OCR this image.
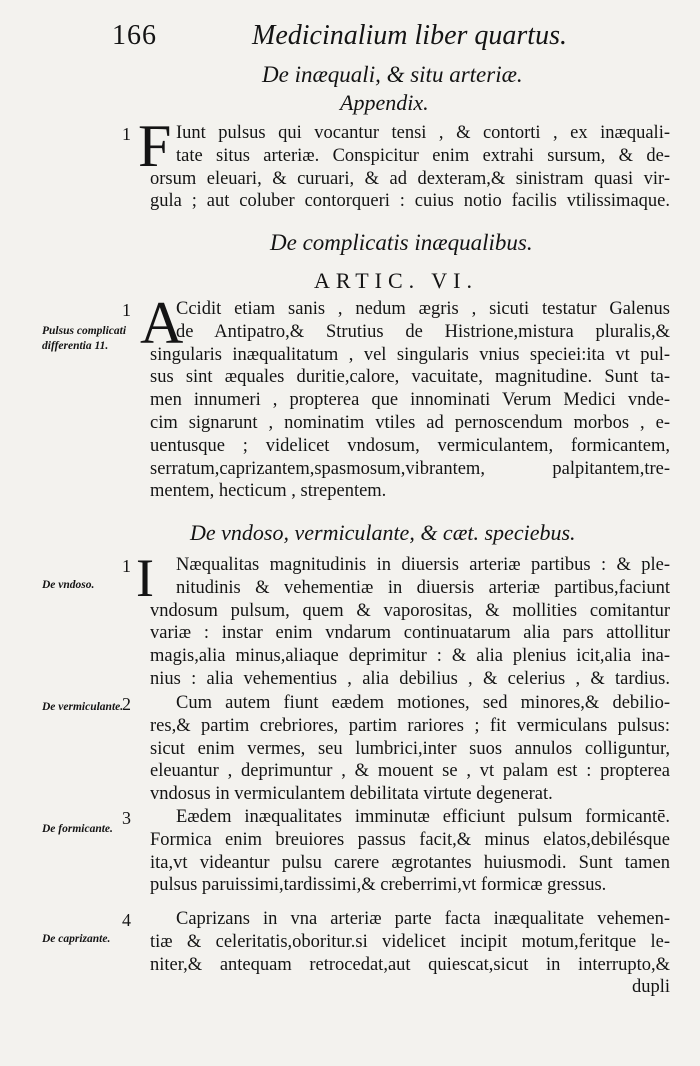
166	Medicinalium liber quartus.
De inæquali, & situ arteriæ.
Appendix.
1 F Iunt pulsus qui vocantur tensi , & contorti , ex inæquali-
tate situs arteriæ. Conspicitur enim extrahi sursum, & de-
orsum eleuari, & curuari, & ad dexteram,& sinistram quasi vir-
gula ; aut coluber contorqueri : cuius notio facilis vtilissimaque.
De complicatis inæqualibus.
ARTIC. VI.
Pulsus complicati differentia 11.
1 A
Ccidit etiam sanis , nedum ægris , sicuti testatur Galenus
de Antipatro,& Strutius de Histrione,mistura pluralis,&
singularis inæqualitatum , vel singularis vnius speciei:ita vt pul-
sus sint æquales duritie,calore, vacuitate, magnitudine. Sunt ta-
men innumeri , propterea que innominati Verum Medici vnde-
cim signarunt , nominatim vtiles ad pernoscendum morbos , e-
uentusque ; videlicet vndosum, vermiculantem, formicantem,
serratum,caprizantem,spasmosum,vibrantem, palpitantem,tre-
mentem, hecticum , strepentem.
De vndoso, vermiculante, & cæt. speciebus.
De vndoso.
1 I	Næqualitas magnitudinis in diuersis arteriæ partibus : & ple-
nitudinis & vehementiæ in diuersis arteriæ partibus,faciunt
vndosum pulsum, quem & vaporositas, & mollities comitantur
variæ : instar enim vndarum continuatarum alia pars attollitur
magis,alia minus,aliaque deprimitur : & alia plenius icit,alia ina-
nius : alia vehementius , alia debilius , & celerius , & tardius.
De vermiculante.
2	Cum autem fiunt eædem motiones, sed minores,& debilio-
res,& partim crebriores, partim rariores ; fit vermiculans pulsus:
sicut enim vermes, seu lumbrici,inter suos annulos colliguntur,
eleuantur , deprimuntur , & mouent se , vt palam est : propterea
vndosus in vermiculantem debilitata virtute degenerat.
De formicante.
3	Eædem inæqualitates imminutæ efficiunt pulsum formicantē.
Formica enim breuiores passus facit,& minus elatos,debilésque
ita,vt videantur pulsu carere ægrotantes huiusmodi. Sunt tamen
pulsus paruissimi,tardissimi,& creberrimi,vt formicæ gressus.
De caprizante.
4	Caprizans in vna arteriæ parte facta inæqualitate vehemen-
tiæ & celeritatis,oboritur.si videlicet incipit motum,feritque le-
niter,& antequam retrocedat,aut quiescat,sicut in interrupto,&
dupli
